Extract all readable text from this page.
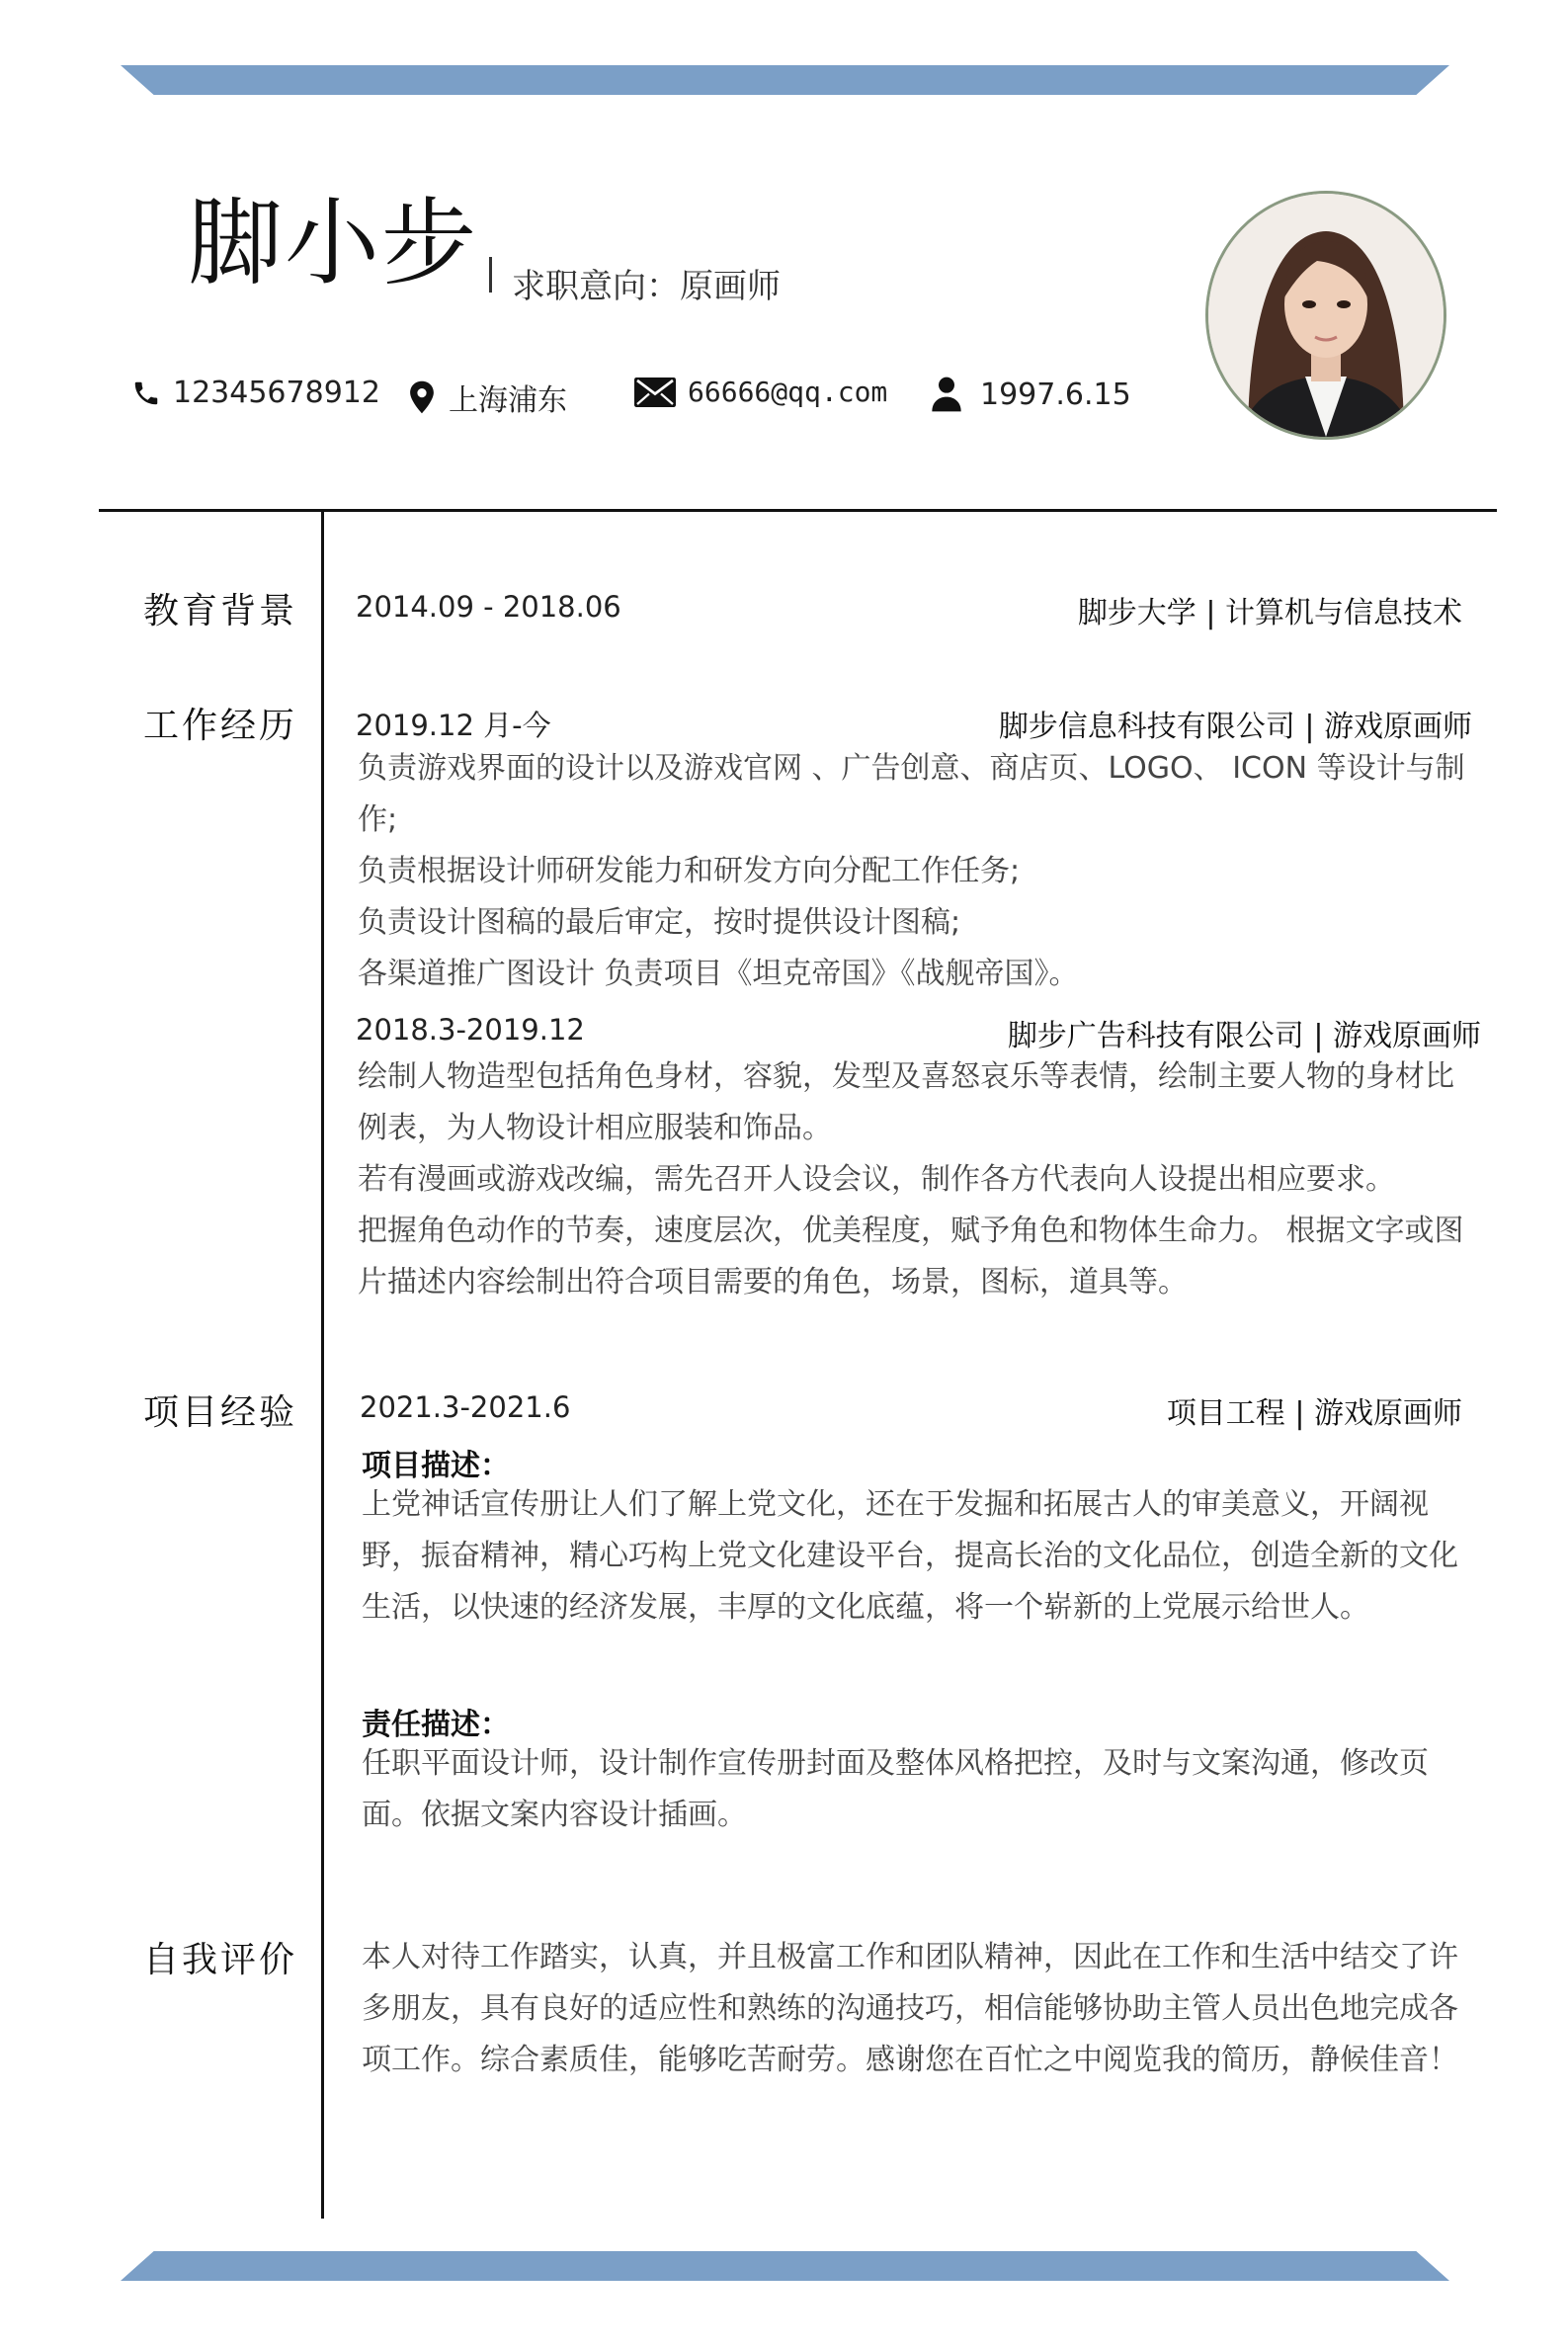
脚小步 求职意向：原画师
12345678912 上海浦东	66666@qq.com	1997.6.15
教育背景 2014.09 - 2018.06	脚步大学 | 计算机与信息技术
工作经历 2019.12 月-今	脚步信息科技有限公司 | 游戏原画师

负责游戏界面的设计以及游戏官网 、广告创意、商店页、LOGO、 ICON 等设计与制作;

负责根据设计师研发能力和研发方向分配工作任务;

负责设计图稿的最后审定，按时提供设计图稿;

各渠道推广图设计 负责项目《坦克帝国》《战舰帝国》。

2018.3-2019.12	脚步广告科技有限公司 | 游戏原画师

绘制人物造型包括角色身材，容貌，发型及喜怒哀乐等表情，绘制主要人物的身材比例表，为人物设计相应服装和饰品。

若有漫画或游戏改编，需先召开人设会议，制作各方代表向人设提出相应要求。

把握角色动作的节奏，速度层次，优美程度，赋予角色和物体生命力。 根据文字或图片描述内容绘制出符合项目需要的角色，场景，图标，道具等。

项目经验 2021.3-2021.6	项目工程 | 游戏原画师
项目描述：
上党神话宣传册让人们了解上党文化，还在于发掘和拓展古人的审美意义，开阔视野，振奋精神，精心巧构上党文化建设平台，提高长治的文化品位，创造全新的文化生活，以快速的经济发展，丰厚的文化底蕴，将一个崭新的上党展示给世人。
责任描述：
任职平面设计师，设计制作宣传册封面及整体风格把控，及时与文案沟通，修改页面。依据文案内容设计插画。
自我评价 本人对待工作踏实，认真，并且极富工作和团队精神，因此在工作和生活中结交了许多朋友，具有良好的适应性和熟练的沟通技巧，相信能够协助主管人员出色地完成各项工作。综合素质佳，能够吃苦耐劳。感谢您在百忙之中阅览我的简历，静候佳音！
